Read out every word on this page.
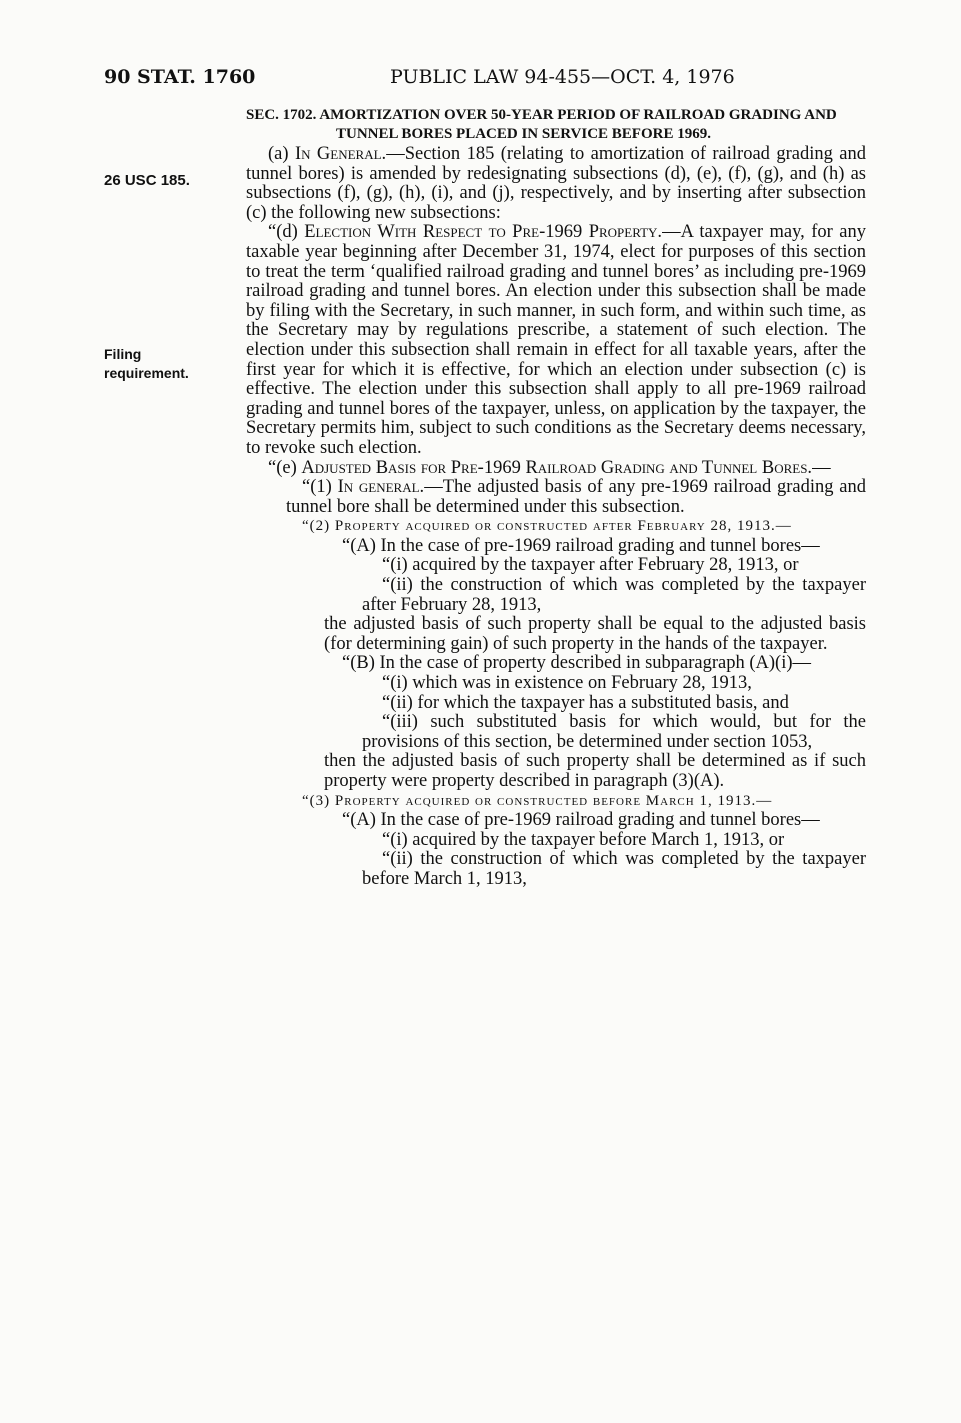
90 STAT. 1760	PUBLIC LAW 94-455—OCT. 4, 1976
26 USC 185.
Filing
requirement.

SEC. 1702. AMORTIZATION OVER 50-YEAR PERIOD OF RAILROAD GRADING AND TUNNEL BORES PLACED IN SERVICE BEFORE 1969.

(a) In General.—Section 185 (relating to amortization of railroad grading and tunnel bores) is amended by redesignating subsections (d), (e), (f), (g), and (h) as subsections (f), (g), (h), (i), and (j), respectively, and by inserting after subsection (c) the following new subsections:

“(d) Election With Respect to Pre-1969 Property.—A taxpayer may, for any taxable year beginning after December 31, 1974, elect for purposes of this section to treat the term ‘qualified railroad grading and tunnel bores’ as including pre-1969 railroad grading and tunnel bores. An election under this subsection shall be made by filing with the Secretary, in such manner, in such form, and within such time, as the Secretary may by regulations prescribe, a statement of such election. The election under this subsection shall remain in effect for all taxable years, after the first year for which it is effective, for which an election under subsection (c) is effective. The election under this subsection shall apply to all pre-1969 railroad grading and tunnel bores of the taxpayer, unless, on application by the taxpayer, the Secretary permits him, subject to such conditions as the Secretary deems necessary, to revoke such election.

“(e) Adjusted Basis for Pre-1969 Railroad Grading and Tunnel Bores.—

“(1) In general.—The adjusted basis of any pre-1969 railroad grading and tunnel bore shall be determined under this subsection.

“(2) Property acquired or constructed after February 28, 1913.—

“(A) In the case of pre-1969 railroad grading and tunnel bores—

“(i) acquired by the taxpayer after February 28, 1913, or

“(ii) the construction of which was completed by the taxpayer after February 28, 1913,

the adjusted basis of such property shall be equal to the adjusted basis (for determining gain) of such property in the hands of the taxpayer.

“(B) In the case of property described in subparagraph (A)(i)—

“(i) which was in existence on February 28, 1913,

“(ii) for which the taxpayer has a substituted basis, and

“(iii) such substituted basis for which would, but for the provisions of this section, be determined under section 1053,

then the adjusted basis of such property shall be determined as if such property were property described in paragraph (3)(A).

“(3) Property acquired or constructed before March 1, 1913.—

“(A) In the case of pre-1969 railroad grading and tunnel bores—

“(i) acquired by the taxpayer before March 1, 1913, or

“(ii) the construction of which was completed by the taxpayer before March 1, 1913,
